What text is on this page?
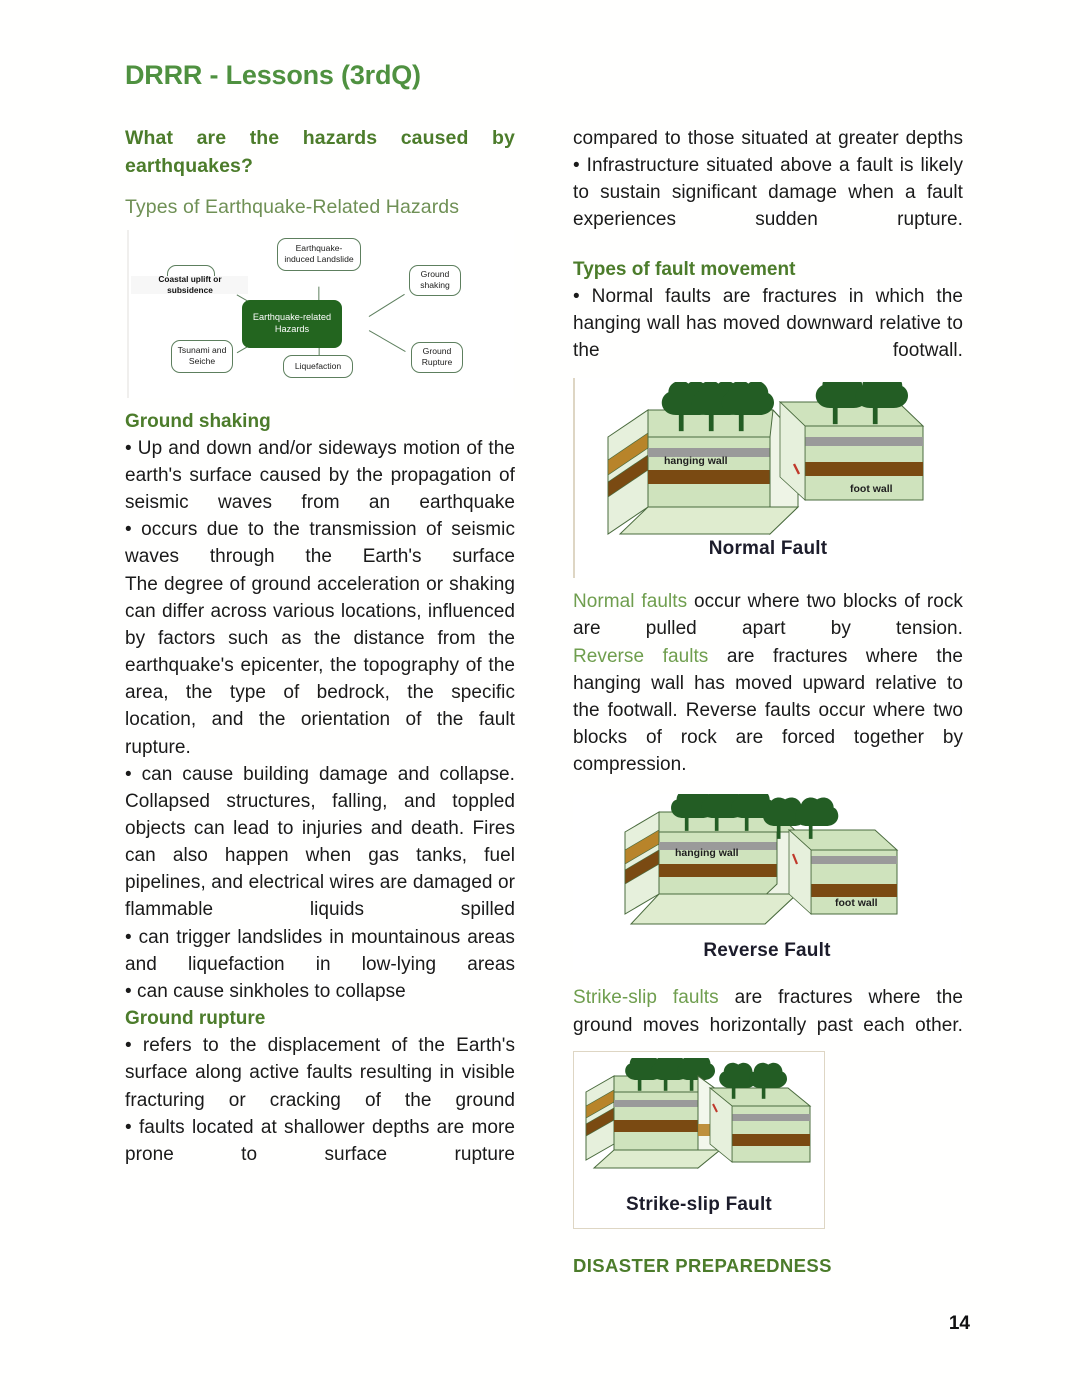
DRRR - Lessons (3rdQ)

What are the hazards caused by earthquakes?

Types of Earthquake-Related Hazards

Earthquake-induced Landslide
Ground shaking
Ground Rupture
Liquefaction
Tsunami and Seiche
Coastal uplift or subsidence
Earthquake-related Hazards

Ground shaking

• Up and down and/or sideways motion of the earth's surface caused by the propagation of seismic waves from an earthquake

• occurs due to the transmission of seismic waves through the Earth's surface

The degree of ground acceleration or shaking can differ across various locations, influenced by factors such as the distance from the earthquake's epicenter, the topography of the area, the type of bedrock, the specific location, and the orientation of the fault rupture.

• can cause building damage and collapse. Collapsed structures, falling, and toppled objects can lead to injuries and death. Fires can also happen when gas tanks, fuel pipelines, and electrical wires are damaged or flammable liquids spilled

• can trigger landslides in mountainous areas and liquefaction in low-lying areas

• can cause sinkholes to collapse

Ground rupture

• refers to the displacement of the Earth's surface along active faults resulting in visible fracturing or cracking of the ground

• faults located at shallower depths are more prone to surface rupture

compared to those situated at greater depths

• Infrastructure situated above a fault is likely to sustain significant damage when a fault experiences sudden rupture.

Types of fault movement

• Normal faults are fractures in which the hanging wall has moved downward relative to the footwall.

hanging wall
foot wall
Normal Fault

Normal faults occur where two blocks of rock are pulled apart by tension.

Reverse faults are fractures where the hanging wall has moved upward relative to the footwall. Reverse faults occur where two blocks of rock are forced together by compression.

hanging wall
foot wall
Reverse Fault

Strike-slip faults are fractures where the ground moves horizontally past each other.

Strike-slip Fault

DISASTER PREPAREDNESS

14
